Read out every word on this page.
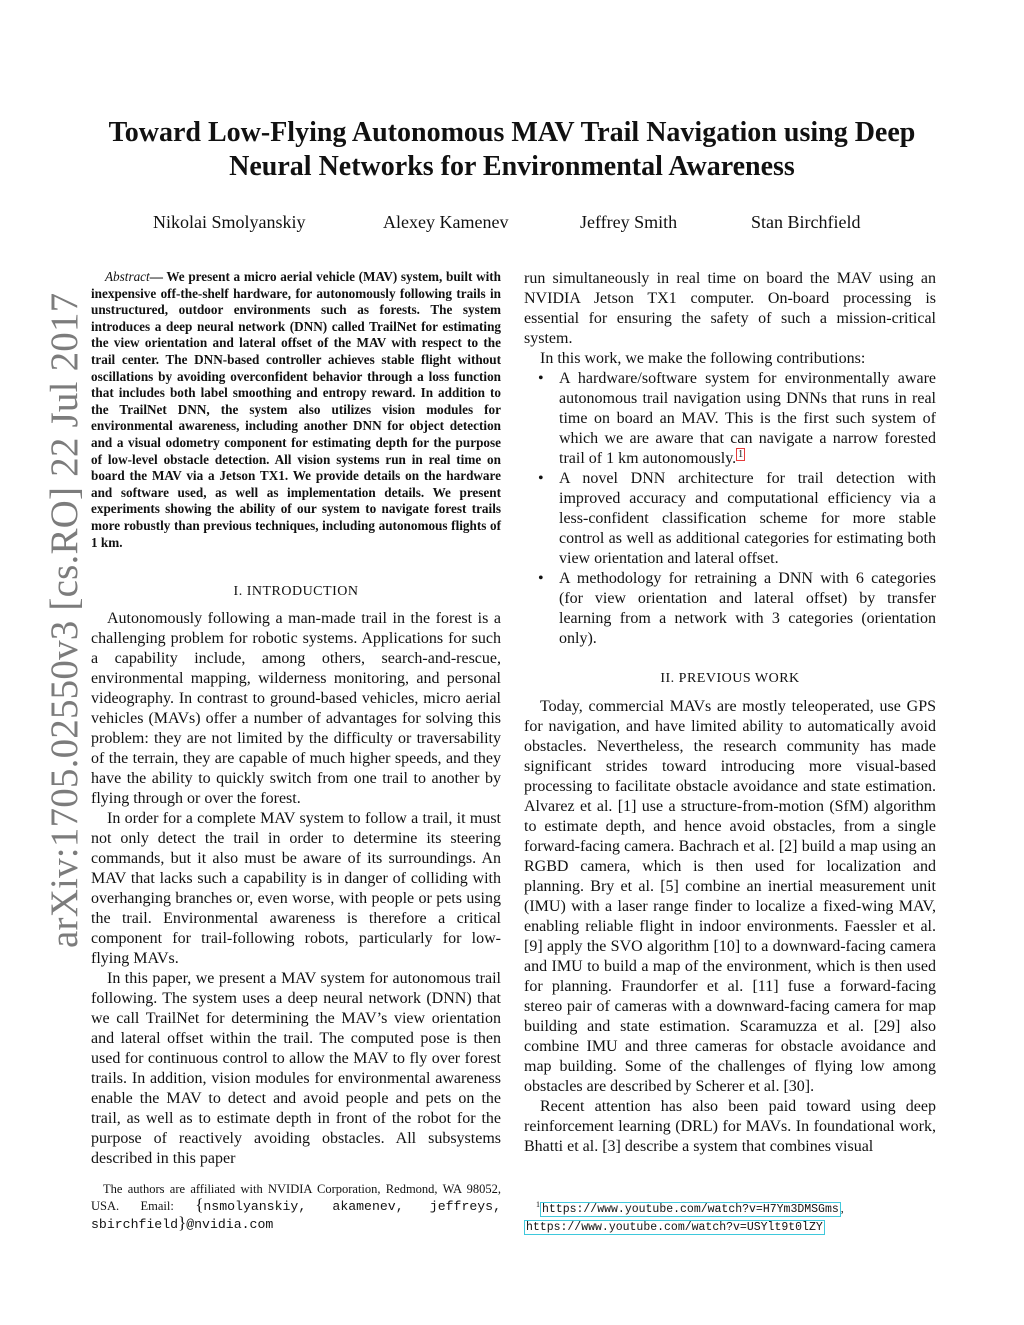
arXiv:1705.02550v3 [cs.RO] 22 Jul 2017
Toward Low-Flying Autonomous MAV Trail Navigation using Deep
Neural Networks for Environmental Awareness
Nikolai Smolyanskiy	Alexey Kamenev	Jeffrey Smith	Stan Birchfield
Abstract— We present a micro aerial vehicle (MAV) system, built with inexpensive off-the-shelf hardware, for autonomously following trails in unstructured, outdoor environments such as forests. The system introduces a deep neural network (DNN) called TrailNet for estimating the view orientation and lateral offset of the MAV with respect to the trail center. The DNN-based controller achieves stable flight without oscillations by avoiding overconfident behavior through a loss function that includes both label smoothing and entropy reward. In addition to the TrailNet DNN, the system also utilizes vision modules for environmental awareness, including another DNN for object detection and a visual odometry component for estimating depth for the purpose of low-level obstacle detection. All vision systems run in real time on board the MAV via a Jetson TX1. We provide details on the hardware and software used, as well as implementation details. We present experiments showing the ability of our system to navigate forest trails more robustly than previous techniques, including autonomous flights of 1 km.
I. INTRODUCTION

Autonomously following a man-made trail in the forest is a challenging problem for robotic systems. Applications for such a capability include, among others, search-and-rescue, environmental mapping, wilderness monitoring, and personal videography. In contrast to ground-based vehicles, micro aerial vehicles (MAVs) offer a number of advantages for solving this problem: they are not limited by the difficulty or traversability of the terrain, they are capable of much higher speeds, and they have the ability to quickly switch from one trail to another by flying through or over the forest.

In order for a complete MAV system to follow a trail, it must not only detect the trail in order to determine its steering commands, but it also must be aware of its surroundings. An MAV that lacks such a capability is in danger of colliding with overhanging branches or, even worse, with people or pets using the trail. Environmental awareness is therefore a critical component for trail-following robots, particularly for low-flying MAVs.

In this paper, we present a MAV system for autonomous trail following. The system uses a deep neural network (DNN) that we call TrailNet for determining the MAV’s view orientation and lateral offset within the trail. The computed pose is then used for continuous control to allow the MAV to fly over forest trails. In addition, vision modules for environmental awareness enable the MAV to detect and avoid people and pets on the trail, as well as to estimate depth in front of the robot for the purpose of reactively avoiding obstacles. All subsystems described in this paper

The authors are affiliated with NVIDIA Corporation, Redmond, WA 98052, USA. Email: {nsmolyanskiy, akamenev, jeffreys, sbirchfield}@nvidia.com

run simultaneously in real time on board the MAV using an NVIDIA Jetson TX1 computer. On-board processing is essential for ensuring the safety of such a mission-critical system.

In this work, we make the following contributions:

• A hardware/software system for environmentally aware autonomous trail navigation using DNNs that runs in real time on board an MAV. This is the first such system of which we are aware that can navigate a narrow forested trail of 1 km autonomously. $^1$
• A novel DNN architecture for trail detection with improved accuracy and computational efficiency via a less-confident classification scheme for more stable control as well as additional categories for estimating both view orientation and lateral offset.
• A methodology for retraining a DNN with 6 categories (for view orientation and lateral offset) by transfer learning from a network with 3 categories (orientation only).
II. PREVIOUS WORK

Today, commercial MAVs are mostly teleoperated, use GPS for navigation, and have limited ability to automatically avoid obstacles. Nevertheless, the research community has made significant strides toward introducing more visual-based processing to facilitate obstacle avoidance and state estimation. Alvarez et al. [1] use a structure-from-motion (SfM) algorithm to estimate depth, and hence avoid obstacles, from a single forward-facing camera. Bachrach et al. [2] build a map using an RGBD camera, which is then used for localization and planning. Bry et al. [5] combine an inertial measurement unit (IMU) with a laser range finder to localize a fixed-wing MAV, enabling reliable flight in indoor environments. Faessler et al. [9] apply the SVO algorithm [10] to a downward-facing camera and IMU to build a map of the environment, which is then used for planning. Fraundorfer et al. [11] fuse a forward-facing stereo pair of cameras with a downward-facing camera for map building and state estimation. Scaramuzza et al. [29] also combine IMU and three cameras for obstacle avoidance and map building. Some of the challenges of flying low among obstacles are described by Scherer et al. [30].

Recent attention has also been paid toward using deep reinforcement learning (DRL) for MAVs. In foundational work, Bhatti et al. [3] describe a system that combines visual

$^1$ https://www.youtube.com/watch?v=H7Ym3DMSGms ,
https://www.youtube.com/watch?v=USYlt9t0lZY
